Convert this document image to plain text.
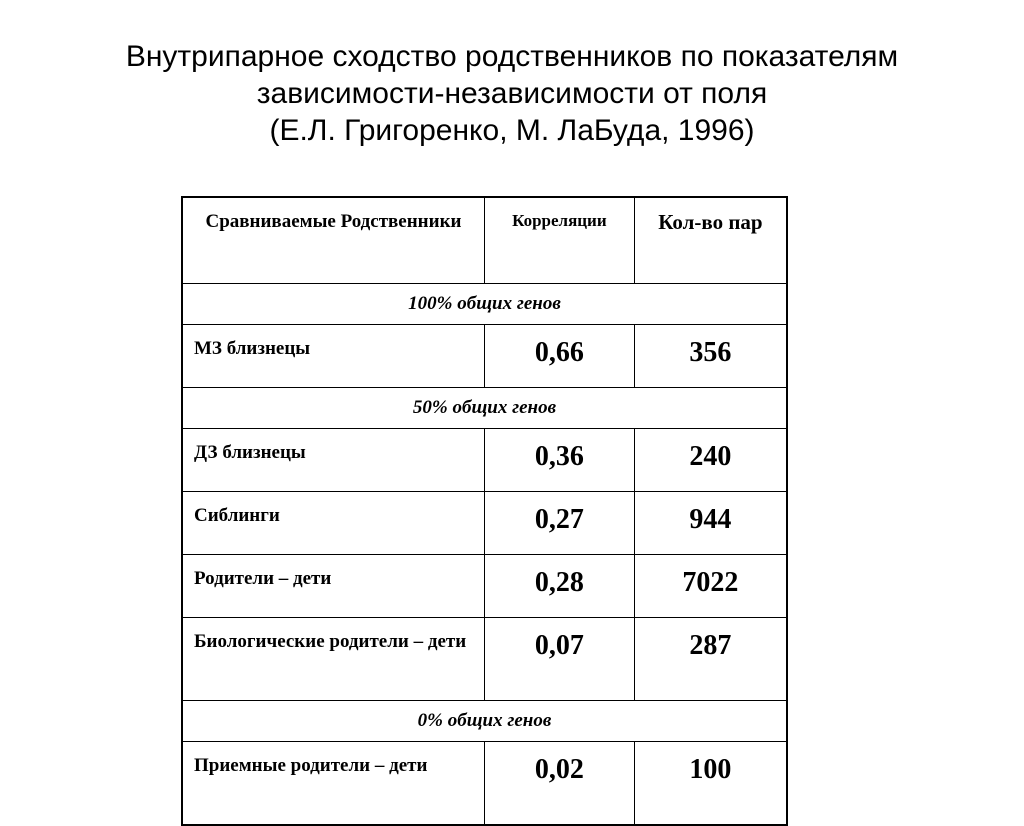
Внутрипарное сходство родственников по показателям
зависимости-независимости от поля
(Е.Л. Григоренко, М. ЛаБуда, 1996)
Сравниваемые Родственники	Корреляции	Кол-во пар
100% общих генов		
МЗ близнецы	0,66	356
50% общих генов		
ДЗ близнецы	0,36	240
Сиблинги	0,27	944
Родители – дети	0,28	7022
Биологические родители – дети	0,07	287
0% общих генов		
Приемные родители – дети	0,02	100
